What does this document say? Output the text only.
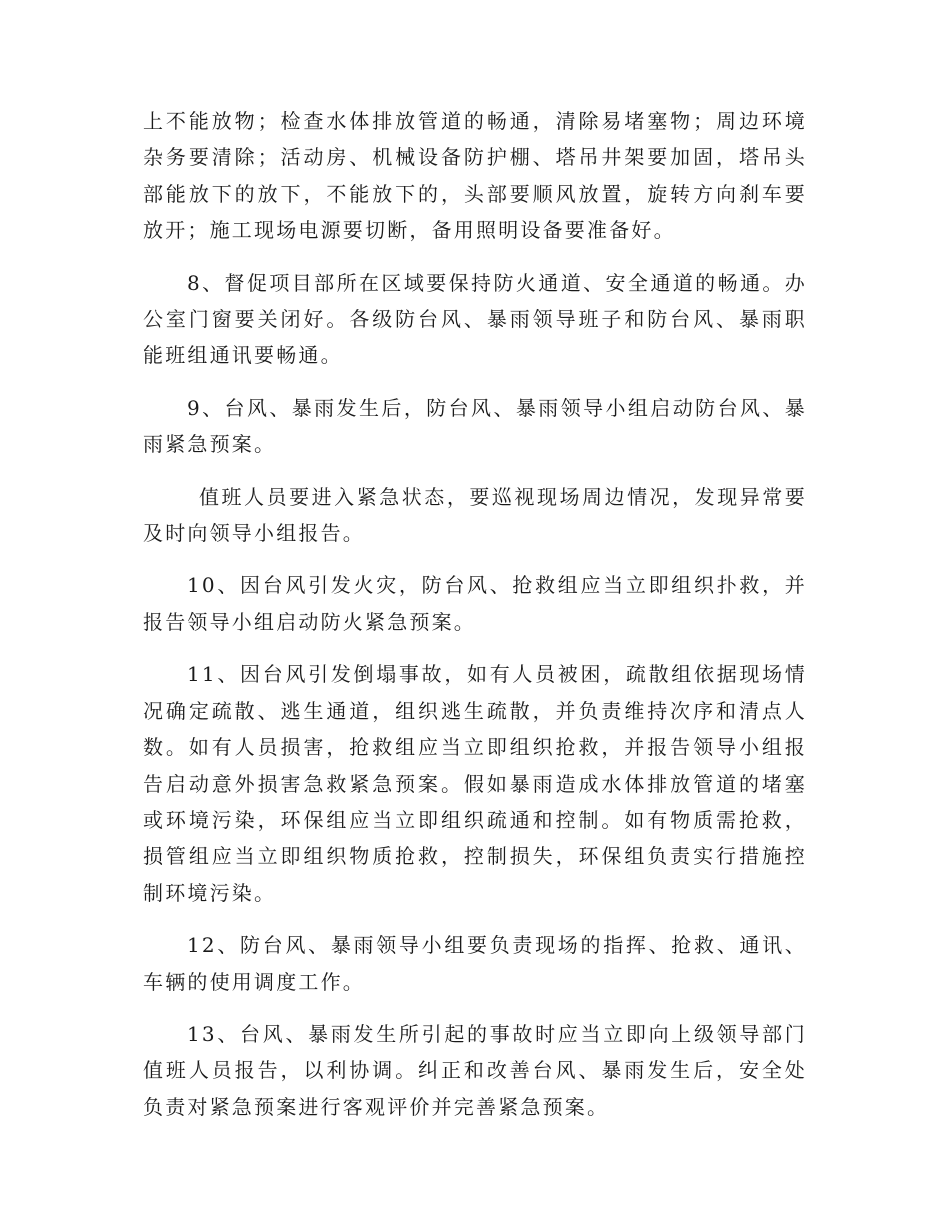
上不能放物；检查水体排放管道的畅通，清除易堵塞物；周边环境杂务要清除；活动房、机械设备防护棚、塔吊井架要加固，塔吊头部能放下的放下，不能放下的，头部要顺风放置，旋转方向刹车要放开；施工现场电源要切断，备用照明设备要准备好。

8、督促项目部所在区域要保持防火通道、安全通道的畅通。办公室门窗要关闭好。各级防台风、暴雨领导班子和防台风、暴雨职能班组通讯要畅通。

9、台风、暴雨发生后，防台风、暴雨领导小组启动防台风、暴雨紧急预案。

值班人员要进入紧急状态，要巡视现场周边情况，发现异常要及时向领导小组报告。

10、因台风引发火灾，防台风、抢救组应当立即组织扑救，并报告领导小组启动防火紧急预案。

11、因台风引发倒塌事故，如有人员被困，疏散组依据现场情况确定疏散、逃生通道，组织逃生疏散，并负责维持次序和清点人数。如有人员损害，抢救组应当立即组织抢救，并报告领导小组报告启动意外损害急救紧急预案。假如暴雨造成水体排放管道的堵塞或环境污染，环保组应当立即组织疏通和控制。如有物质需抢救，损管组应当立即组织物质抢救，控制损失，环保组负责实行措施控制环境污染。

12、防台风、暴雨领导小组要负责现场的指挥、抢救、通讯、车辆的使用调度工作。

13、台风、暴雨发生所引起的事故时应当立即向上级领导部门值班人员报告，以利协调。纠正和改善台风、暴雨发生后，安全处负责对紧急预案进行客观评价并完善紧急预案。
